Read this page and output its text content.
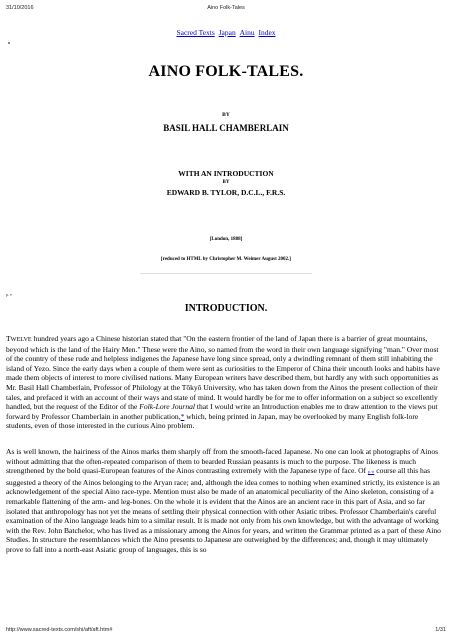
31/10/2016	Aino Folk-Tales
Sacred Texts Japan Ainu Index
AINO FOLK-TALES.
BY
BASIL HALL CHAMBERLAIN
WITH AN INTRODUCTION
BY
EDWARD B. TYLOR, D.C.L., F.R.S.
[London, 1888]
[reduced to HTML by Christopher M. Weimer August 2002.]
p. v
INTRODUCTION.

TWELVE hundred years ago a Chinese historian stated that "On the eastern frontier of the land of Japan there is a barrier of great mountains, beyond which is the land of the Hairy Men." These were the Aino, so named from the word in their own language signifying "man." Over most of the country of these rude and helpless indigenes the Japanese have long since spread, only a dwindling remnant of them still inhabiting the island of Yezo. Since the early days when a couple of them were sent as curiosities to the Emperor of China their uncouth looks and habits have made them objects of interest to more civilised nations. Many European writers have described them, but hardly any with such opportunities as Mr. Basil Hall Chamberlain, Professor of Philology at the Tōkyō University, who has taken down from the Ainos the present collection of their tales, and prefaced it with an account of their ways and state of mind. It would hardly be for me to offer information on a subject so excellently handled, but the request of the Editor of the Folk-Lore Journal that I would write an Introduction enables me to draw attention to the views put forward by Professor Chamberlain in another publication,* which, being printed in Japan, may be overlooked by many English folk-lore students, even of those interested in the curious Aino problem.

As is well known, the hairiness of the Ainos marks them sharply off from the smooth-faced Japanese. No one can look at photographs of Ainos without admitting that the often-repeated comparison of them to bearded Russian peasants is much to the purpose. The likeness is much strengthened by the bold quasi-European features of the Ainos contrasting extremely with the Japanese type of face. Of p. vi course all this has suggested a theory of the Ainos belonging to the Aryan race; and, although the idea comes to nothing when examined strictly, its existence is an acknowledgement of the special Aino race-type. Mention must also be made of an anatomical peculiarity of the Aino skeleton, consisting of a remarkable flattening of the arm- and leg-bones. On the whole it is evident that the Ainos are an ancient race in this part of Asia, and so far isolated that anthropology has not yet the means of settling their physical connection with other Asiatic tribes. Professor Chamberlain's careful examination of the Aino language leads him to a similar result. It is made not only from his own knowledge, but with the advantage of working with the Rev. John Batchelor, who has lived as a missionary among the Ainos for years, and written the Grammar printed as a part of these Aino Studies. In structure the resemblances which the Aino presents to Japanese are outweighed by the differences; and, though it may ultimately prove to fall into a north-east Asiatic group of languages, this is so

http://www.sacred-texts.com/shi/aft/aft.htm#	1/31
